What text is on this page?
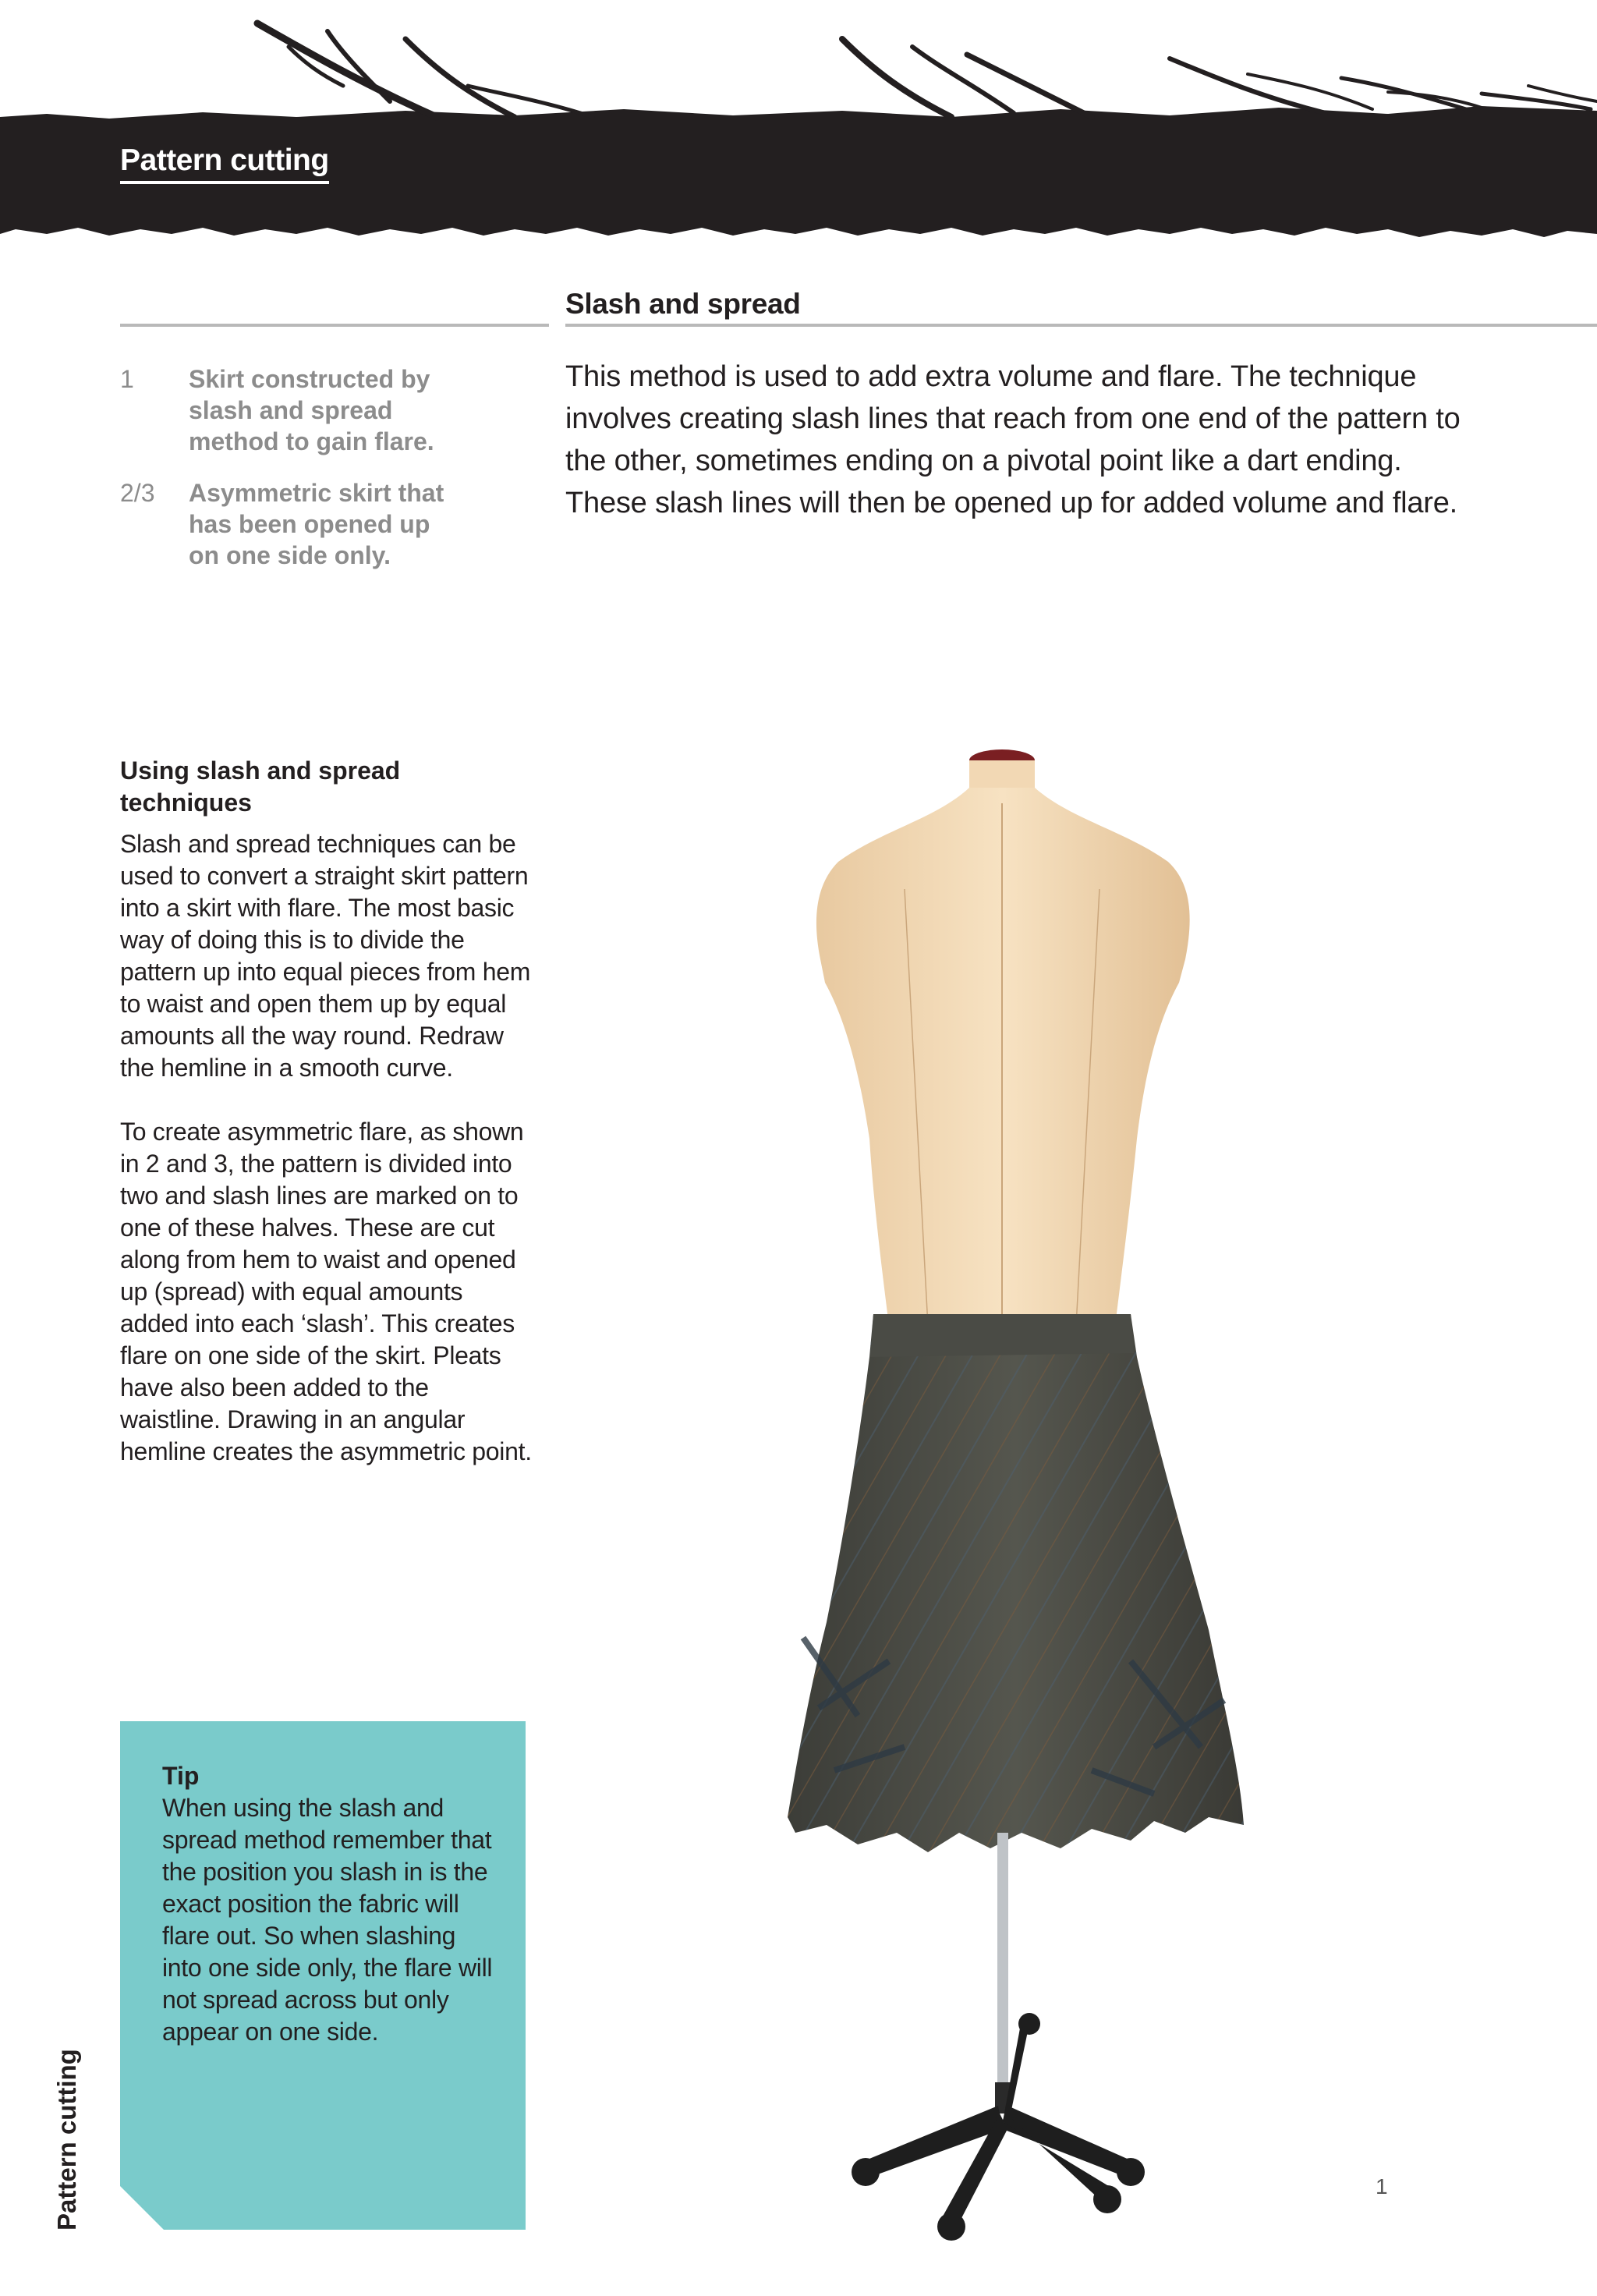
Pattern cutting
Slash and spread
1	Skirt constructed by slash and spread method to gain flare.
2/3	Asymmetric skirt that has been opened up on one side only.
This method is used to add extra volume and flare. The technique involves creating slash lines that reach from one end of the pattern to the other, sometimes ending on a pivotal point like a dart ending. These slash lines will then be opened up for added volume and flare.
Using slash and spread techniques

Slash and spread techniques can be used to convert a straight skirt pattern into a skirt with flare. The most basic way of doing this is to divide the pattern up into equal pieces from hem to waist and open them up by equal amounts all the way round. Redraw the hemline in a smooth curve.

To create asymmetric flare, as shown in 2 and 3, the pattern is divided into two and slash lines are marked on to one of these halves. These are cut along from hem to waist and opened up (spread) with equal amounts added into each ‘slash’. This creates flare on one side of the skirt. Pleats have also been added to the waistline. Drawing in an angular hemline creates the asymmetric point.

Tip
When using the slash and spread method remember that the position you slash in is the exact position the fabric will flare out. So when slashing into one side only, the flare will not spread across but only appear on one side.
Pattern cutting	1
